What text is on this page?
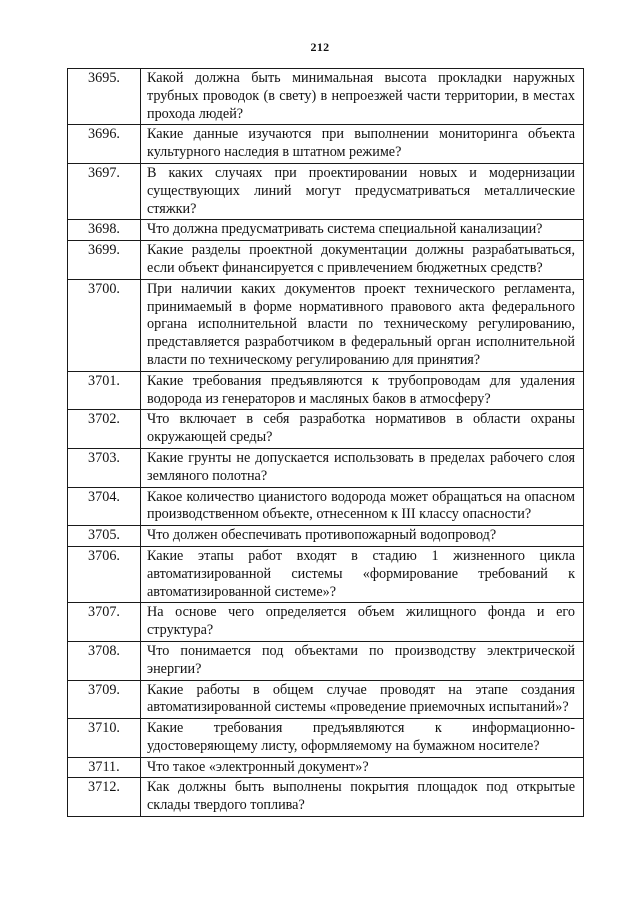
212
3695.	Какой должна быть минимальная высота прокладки наружных трубных проводок (в свету) в непроезжей части территории, в местах прохода людей?
3696.	Какие данные изучаются при выполнении мониторинга объекта культурного наследия в штатном режиме?
3697.	В каких случаях при проектировании новых и модернизации существующих линий могут предусматриваться металлические стяжки?
3698.	Что должна предусматривать система специальной канализации?
3699.	Какие разделы проектной документации должны разрабатываться, если объект финансируется с привлечением бюджетных средств?
3700.	При наличии каких документов проект технического регламента, принимаемый в форме нормативного правового акта федерального органа исполнительной власти по техническому регулированию, представляется разработчиком в федеральный орган исполнительной власти по техническому регулированию для принятия?
3701.	Какие требования предъявляются к трубопроводам для удаления водорода из генераторов и масляных баков в атмосферу?
3702.	Что включает в себя разработка нормативов в области охраны окружающей среды?
3703.	Какие грунты не допускается использовать в пределах рабочего слоя земляного полотна?
3704.	Какое количество цианистого водорода может обращаться на опасном производственном объекте, отнесенном к III классу опасности?
3705.	Что должен обеспечивать противопожарный водопровод?
3706.	Какие этапы работ входят в стадию 1 жизненного цикла автоматизированной системы «формирование требований к автоматизированной системе»?
3707.	На основе чего определяется объем жилищного фонда и его структура?
3708.	Что понимается под объектами по производству электрической энергии?
3709.	Какие работы в общем случае проводят на этапе создания автоматизированной системы «проведение приемочных испытаний»?
3710.	Какие требования предъявляются к информационно-удостоверяющему листу, оформляемому на бумажном носителе?
3711.	Что такое «электронный документ»?
3712.	Как должны быть выполнены покрытия площадок под открытые склады твердого топлива?
